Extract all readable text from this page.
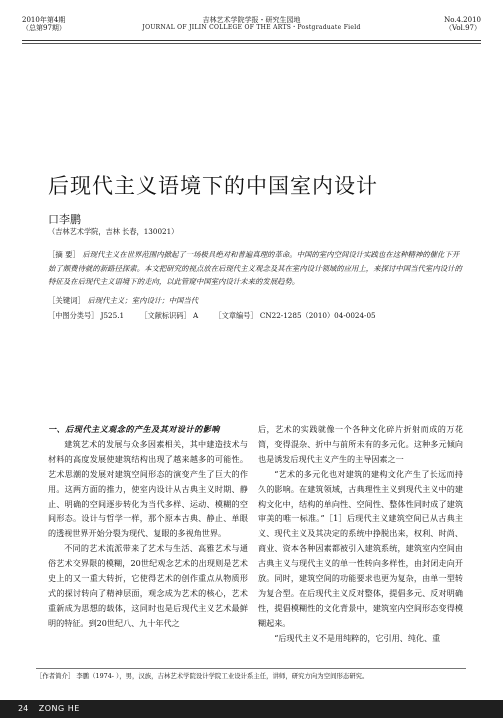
2010年第4期
（总第97期）
吉林艺术学院学报・研究生园地
JOURNAL OF JILIN COLLEGE OF THE ARTS・Postgraduate Field
No.4.2010
（Vol.97）
后现代主义语境下的中国室内设计
口李鹏
（吉林艺术学院，吉林 长春，130021）
［摘 要］ 后现代主义在世界范围内掀起了一场极具绝对和普遍真理的革命。中国的室内空间设计实践也在这种精神的催化下开始了颇费待就的新路径探索。本文把研究的视点放在后现代主义观念及其在室内设计领域的应用上，来探讨中国当代室内设计的特征及在后现代主义语境下的走向，以此管窥中国室内设计未来的发展趋势。
［关键词］ 后现代主义；室内设计；中国当代
［中图分类号］ J525.1 ［文献标识码］ A ［文章编号］ CN22-1285（2010）04-0024-05

一、后现代主义观念的产生及其对设计的影响

建筑艺术的发展与众多因素相关，其中建造技术与材料的高度发展使建筑结构出现了越来越多的可能性。艺术思潮的发展对建筑空间形态的演变产生了巨大的作用。这两方面的推力，使室内设计从古典主义时期、静止、明确的空间逐步转化为当代多样、运动、模糊的空间形态。设计与哲学一样，那个原本古典、静止、单眼的透视世界开始分裂为现代、复眼的多视角世界。

不同的艺术流派带来了艺术与生活、高雅艺术与通俗艺术交界限的模糊，20世纪观念艺术的出现则是艺术史上的又一重大转折，它使得艺术的创作重点从物质形式的探讨转向了精神层面，观念成为艺术的核心，艺术重新成为思想的载体，这同时也是后现代主义艺术最鲜明的特征。到20世纪八、九十年代之

后，艺术的实践就像一个各种文化碎片折射而成的万花筒，变得混杂、折中与前所未有的多元化。这种多元倾向也是诱发后现代主义产生的主导因素之一

“艺术的多元化也对建筑的建构文化产生了长远而持久的影响。在建筑领域，古典理性主义到现代主义中的建构文化中，结构的单向性、空间性、整体性同时成了建筑审美的唯一标准。”［1］后现代主义建筑空间已从古典主义、现代主义及其决定的系统中挣脱出来，权利、时尚、商业、资本各种因素都被引入建筑系统，建筑室内空间由古典主义与现代主义的单一性转向多样性，由封闭走向开放。同时，建筑空间的功能要求也更为复杂，由单一型转为复合型。在后现代主义反对整体，提倡多元、反对明确性，提倡模糊性的文化背景中，建筑室内空间形态变得模糊起来。

“后现代主义不是用纯粹的，它引用、纯化、重

［作者简介］ 李鹏（1974- ），男，汉族，吉林艺术学院设计学院工业设计系主任，讲师，研究方向为空间形态研究。
24 ZONG HE
